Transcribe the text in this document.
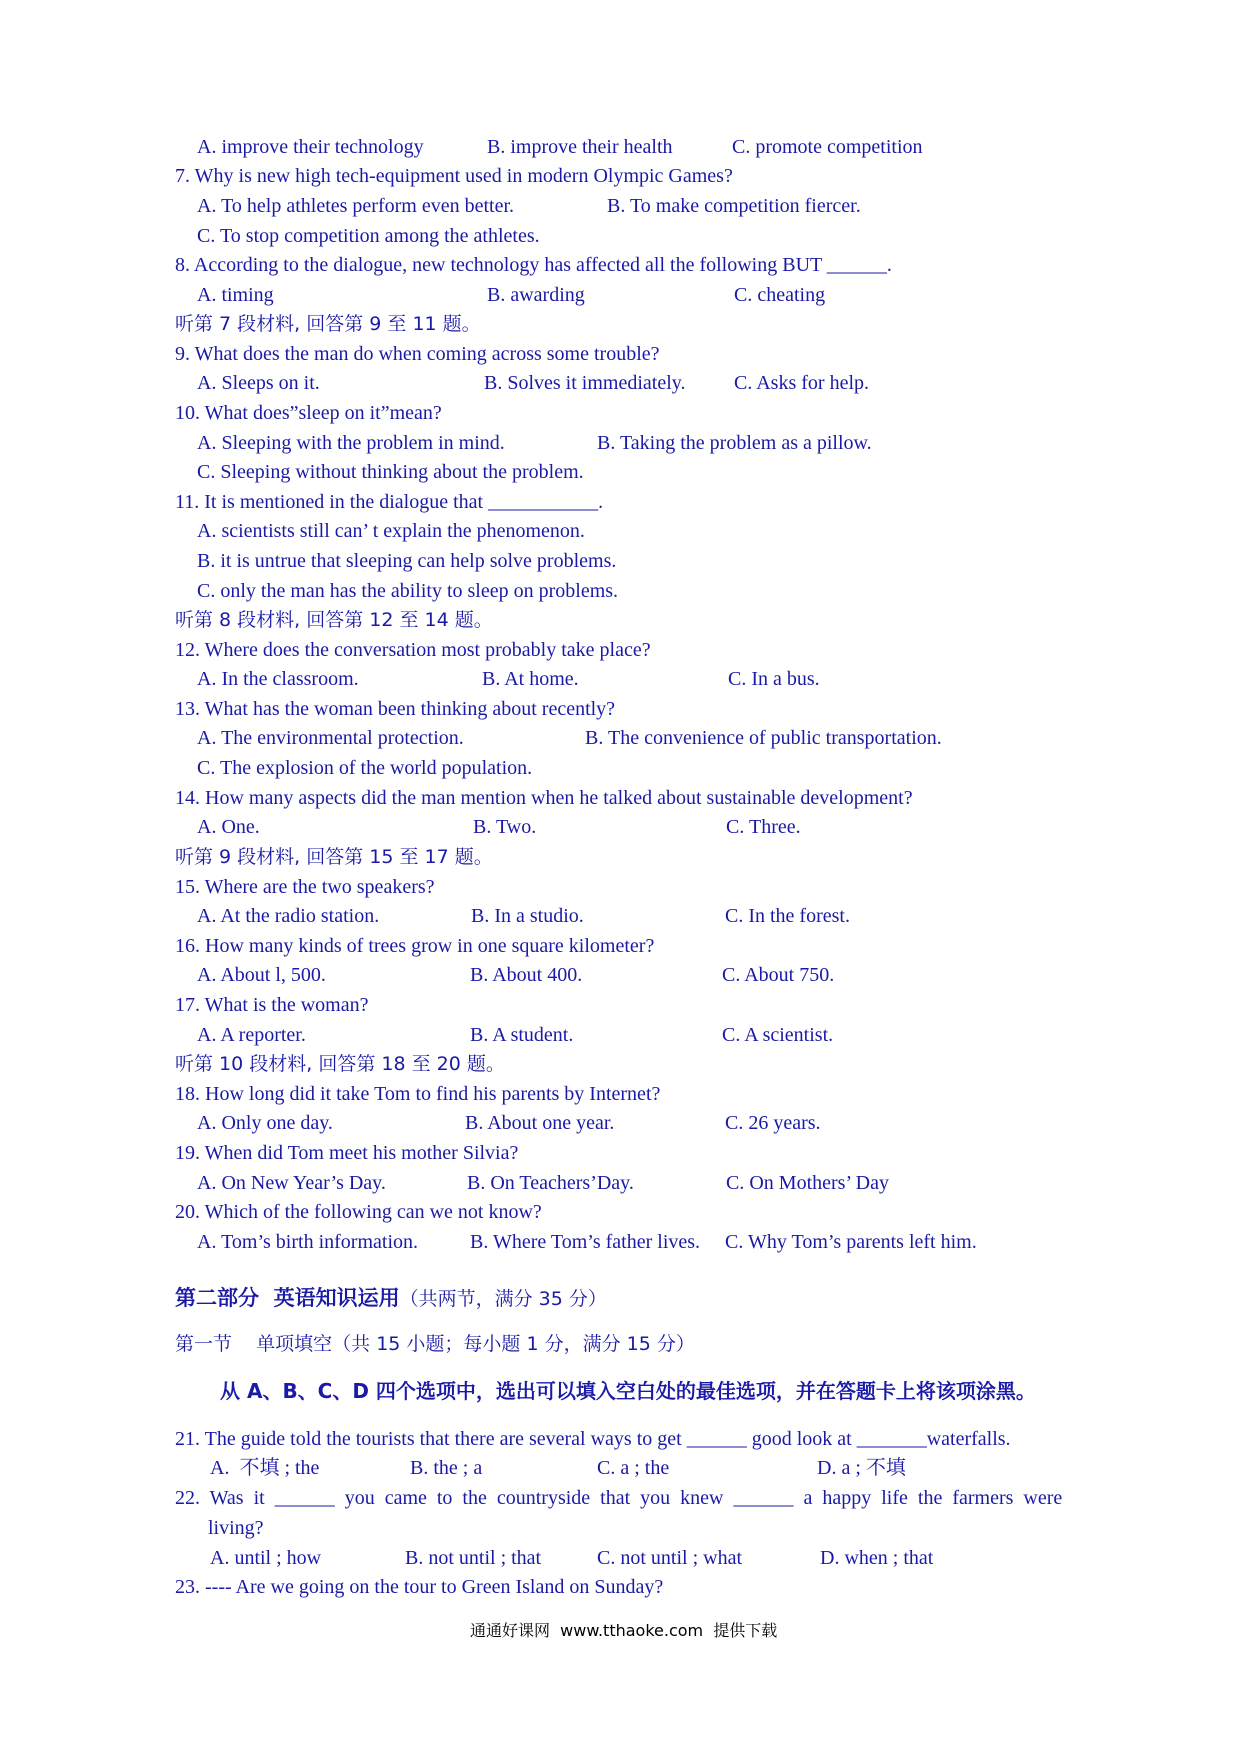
A. improve their technology	B. improve their health	C. promote competition
7. Why is new high tech-equipment used in modern Olympic Games?
A. To help athletes perform even better.	B. To make competition fiercer.
C. To stop competition among the athletes.
8. According to the dialogue, new technology has affected all the following BUT ______.
A. timing	B. awarding	C. cheating
听第 7 段材料, 回答第 9 至 11 题。
9. What does the man do when coming across some trouble?
A. Sleeps on it.	B. Solves it immediately. C. Asks for help.
10. What does”sleep on it”mean?
A. Sleeping with the problem in mind.	B. Taking the problem as a pillow.
C. Sleeping without thinking about the problem.
11. It is mentioned in the dialogue that ___________.
A. scientists still can’ t explain the phenomenon.
B. it is untrue that sleeping can help solve problems.
C. only the man has the ability to sleep on problems.
听第 8 段材料, 回答第 12 至 14 题。
12. Where does the conversation most probably take place?
A. In the classroom.	B. At home.	C. In a bus.
13. What has the woman been thinking about recently?
A. The environmental protection.	B. The convenience of public transportation.
C. The explosion of the world population.
14. How many aspects did the man mention when he talked about sustainable development?
A. One.	B. Two.	C. Three.
听第 9 段材料, 回答第 15 至 17 题。
15. Where are the two speakers?
A. At the radio station.	B. In a studio.	C. In the forest.
16. How many kinds of trees grow in one square kilometer?
A. About l, 500.	B. About 400.	C. About 750.
17. What is the woman?
A. A reporter.	B. A student.	C. A scientist.
听第 10 段材料, 回答第 18 至 20 题。
18. How long did it take Tom to find his parents by Internet?
A. Only one day.	B. About one year.	C. 26 years.
19. When did Tom meet his mother Silvia?
A. On New Year’s Day.	B. On Teachers’Day.	C. On Mothers’ Day
20. Which of the following can we not know?
A. Tom’s birth information.	B. Where Tom’s father lives. C. Why Tom’s parents left him.
第二部分  英语知识运用（共两节，满分 35 分）
第一节    单项填空（共 15 小题；每小题 1 分，满分 15 分）
从 A、B、C、D 四个选项中，选出可以填入空白处的最佳选项，并在答题卡上将该项涂黑。
21. The guide told the tourists that there are several ways to get ______ good look at _______waterfalls.
A.  不填 ; the	B. the ; a	C. a ; the	D. a ; 不填
22.  Was  it  ______  you  came  to  the  countryside  that  you  knew  ______  a  happy  life  the  farmers  were
living?
A. until ; how	B. not until ; that	C. not until ; what	D. when ; that
23. ---- Are we going on the tour to Green Island on Sunday?
通通好课网  www.tthaoke.com  提供下载
